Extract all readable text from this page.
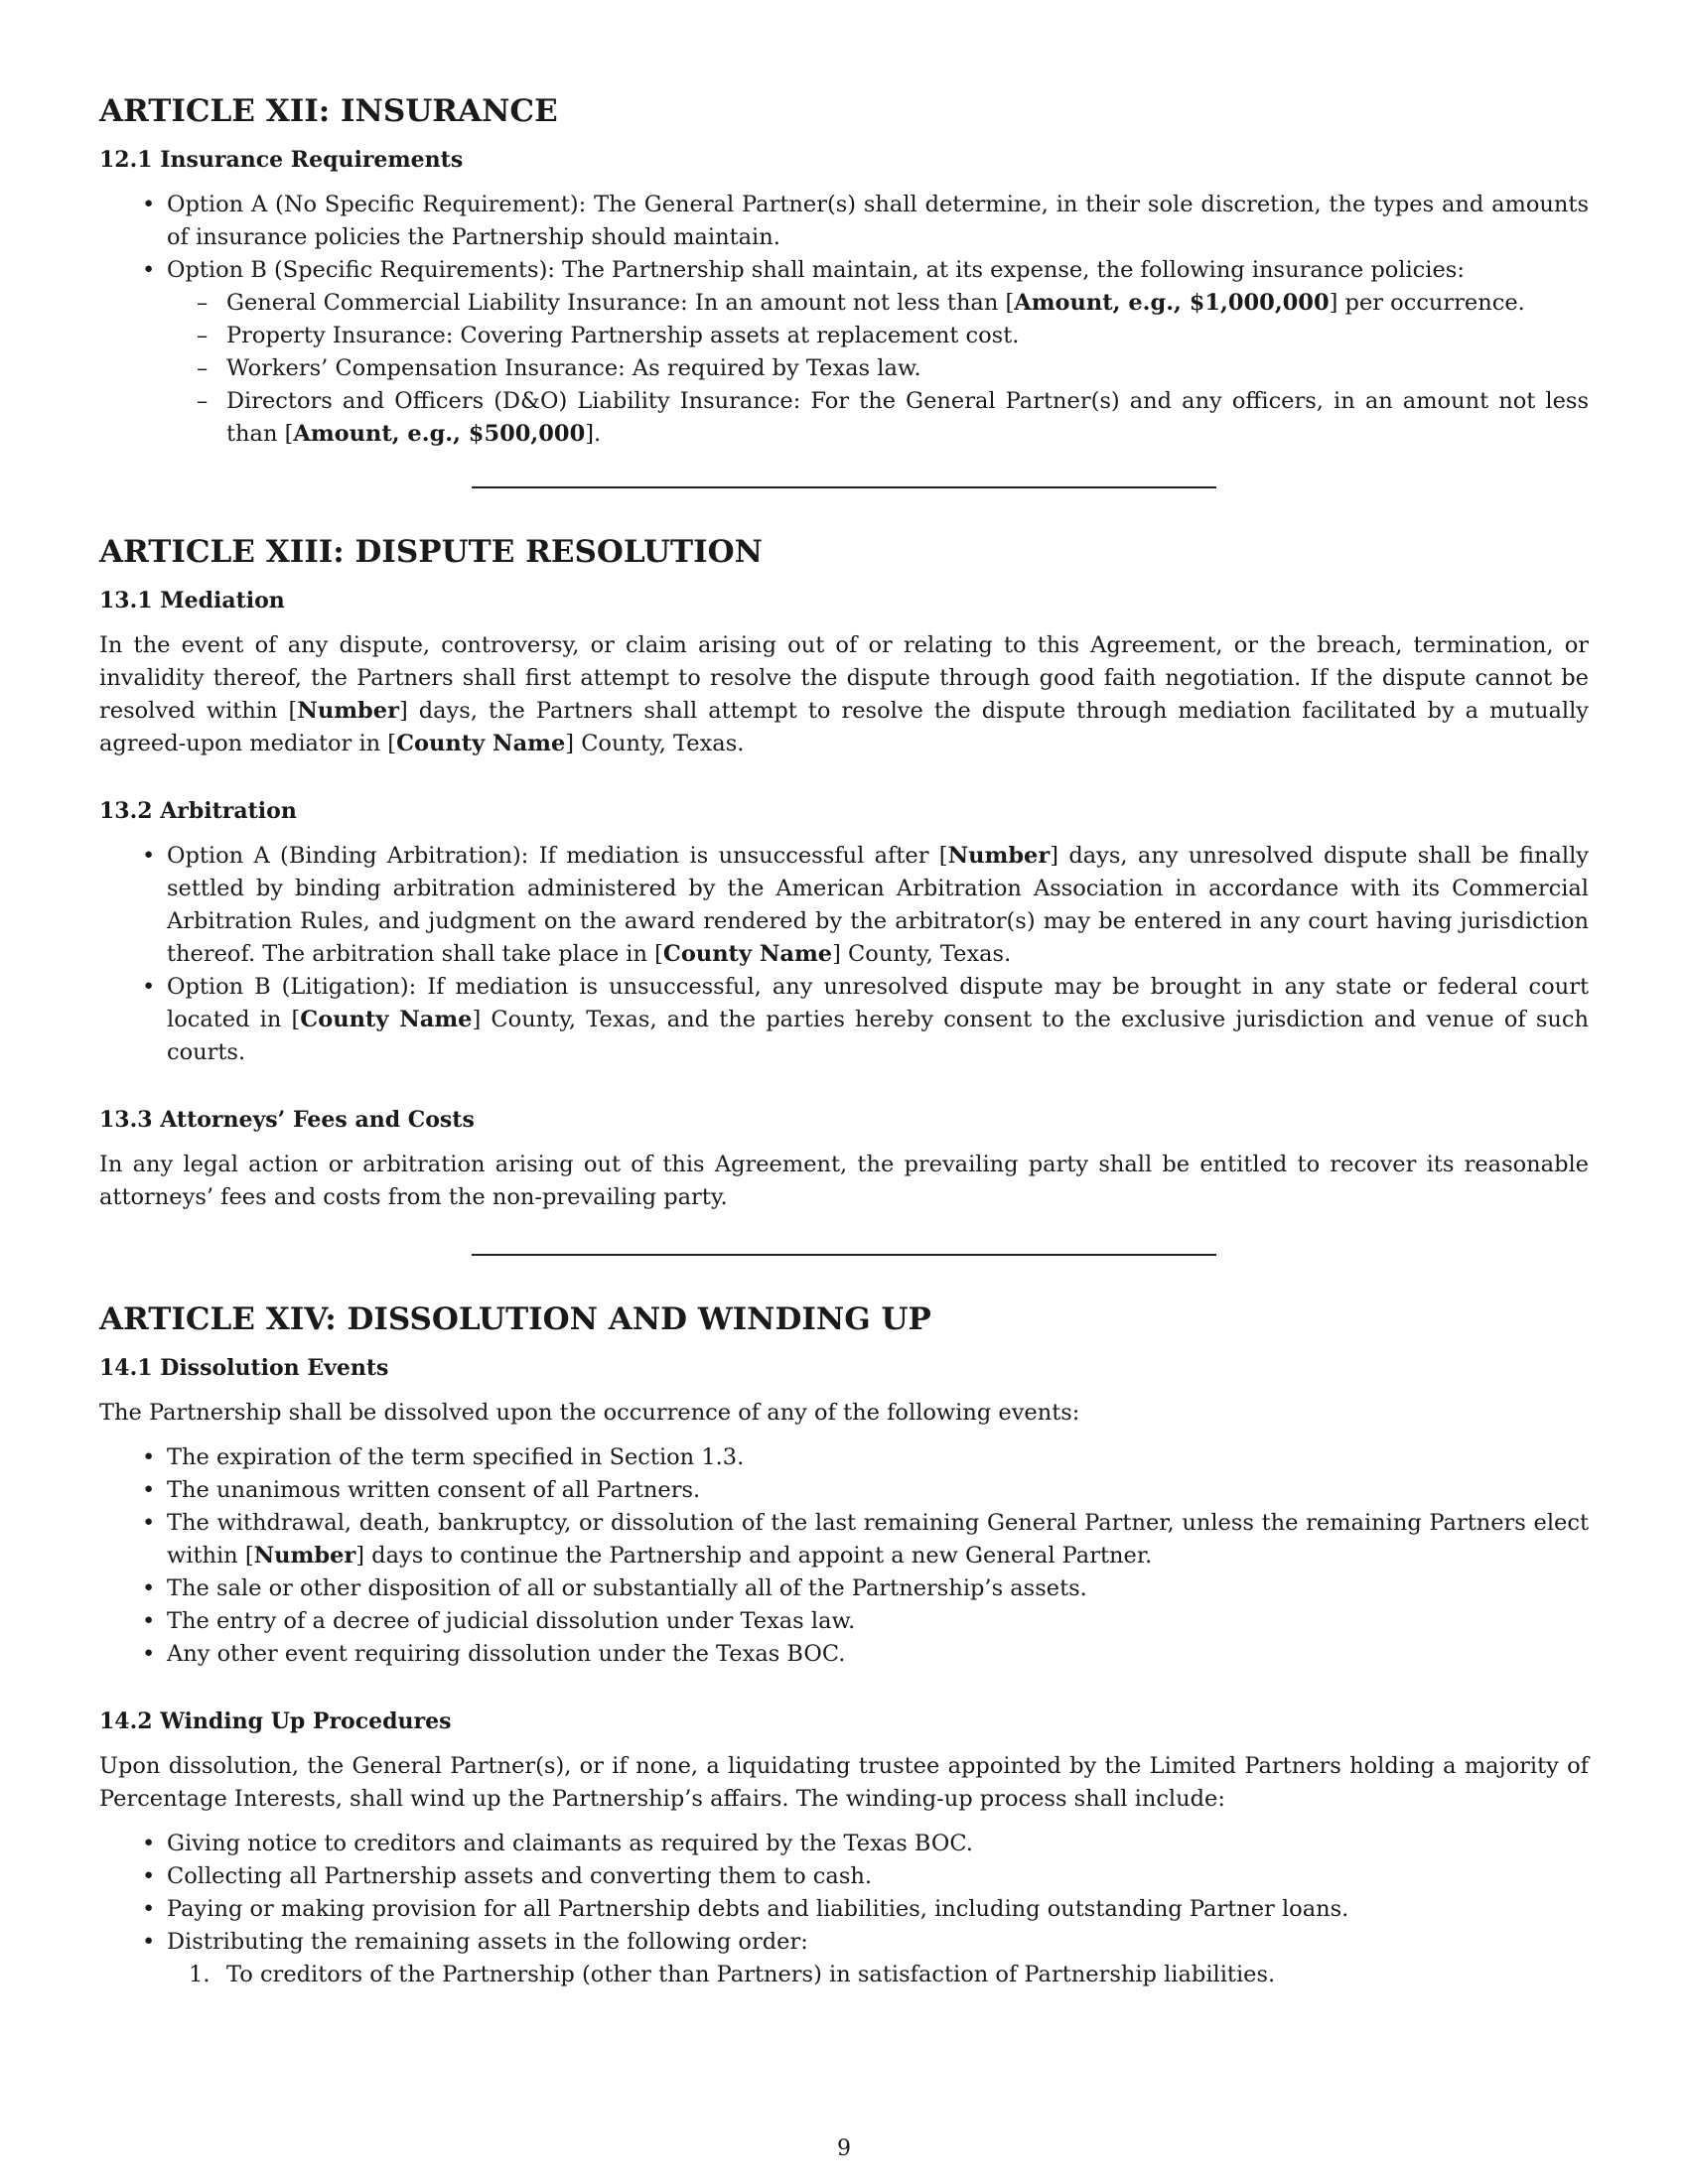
ARTICLE XII: INSURANCE
12.1 Insurance Requirements
• Option A (No Specific Requirement): The General Partner(s) shall determine, in their sole discretion, the types and amounts of insurance policies the Partnership should maintain.
• Option B (Specific Requirements): The Partnership shall maintain, at its expense, the following insurance policies:
– General Commercial Liability Insurance: In an amount not less than [Amount, e.g., $1,000,000] per occurrence.
– Property Insurance: Covering Partnership assets at replacement cost.
– Workers’ Compensation Insurance: As required by Texas law.
– Directors and Officers (D&O) Liability Insurance: For the General Partner(s) and any officers, in an amount not less than [Amount, e.g., $500,000].
ARTICLE XIII: DISPUTE RESOLUTION
13.1 Mediation

In the event of any dispute, controversy, or claim arising out of or relating to this Agreement, or the breach, termination, or invalidity thereof, the Partners shall first attempt to resolve the dispute through good faith negotiation. If the dispute cannot be resolved within [Number] days, the Partners shall attempt to resolve the dispute through mediation facilitated by a mutually agreed-upon mediator in [County Name] County, Texas.

13.2 Arbitration
• Option A (Binding Arbitration): If mediation is unsuccessful after [Number] days, any unresolved dispute shall be finally settled by binding arbitration administered by the American Arbitration Association in accordance with its Commercial Arbitration Rules, and judgment on the award rendered by the arbitrator(s) may be entered in any court having jurisdiction thereof. The arbitration shall take place in [County Name] County, Texas.
• Option B (Litigation): If mediation is unsuccessful, any unresolved dispute may be brought in any state or federal court located in [County Name] County, Texas, and the parties hereby consent to the exclusive jurisdiction and venue of such courts.
13.3 Attorneys’ Fees and Costs

In any legal action or arbitration arising out of this Agreement, the prevailing party shall be entitled to recover its reasonable attorneys’ fees and costs from the non-prevailing party.

ARTICLE XIV: DISSOLUTION AND WINDING UP
14.1 Dissolution Events

The Partnership shall be dissolved upon the occurrence of any of the following events:

• The expiration of the term specified in Section 1.3.
• The unanimous written consent of all Partners.
• The withdrawal, death, bankruptcy, or dissolution of the last remaining General Partner, unless the remaining Partners elect within [Number] days to continue the Partnership and appoint a new General Partner.
• The sale or other disposition of all or substantially all of the Partnership’s assets.
• The entry of a decree of judicial dissolution under Texas law.
• Any other event requiring dissolution under the Texas BOC.
14.2 Winding Up Procedures

Upon dissolution, the General Partner(s), or if none, a liquidating trustee appointed by the Limited Partners holding a majority of Percentage Interests, shall wind up the Partnership’s affairs. The winding-up process shall include:

• Giving notice to creditors and claimants as required by the Texas BOC.
• Collecting all Partnership assets and converting them to cash.
• Paying or making provision for all Partnership debts and liabilities, including outstanding Partner loans.
• Distributing the remaining assets in the following order:
1. To creditors of the Partnership (other than Partners) in satisfaction of Partnership liabilities.
9
